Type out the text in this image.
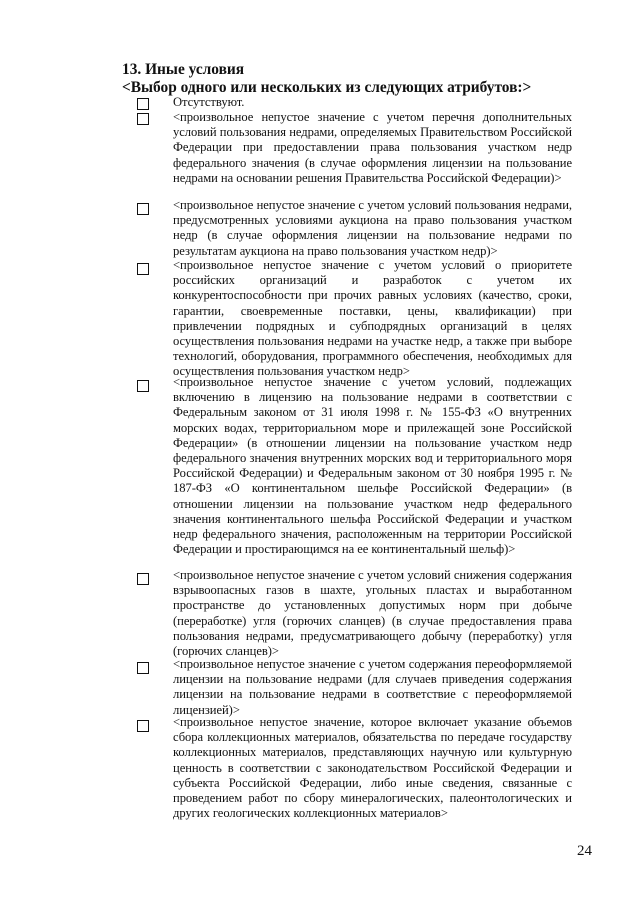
13. Иные условия
<Выбор одного или нескольких из следующих атрибутов:>
Отсутствуют.
<произвольное непустое значение с учетом перечня дополнительных условий пользования недрами, определяемых Правительством Российской Федерации при предоставлении права пользования участком недр федерального значения (в случае оформления лицензии на пользование недрами на основании решения Правительства Российской Федерации)>
<произвольное непустое значение с учетом условий пользования недрами, предусмотренных условиями аукциона на право пользования участком недр (в случае оформления лицензии на пользование недрами по результатам аукциона на право пользования участком недр)>
<произвольное непустое значение с учетом условий о приоритете российских организаций и разработок с учетом их конкурентоспособности при прочих равных условиях (качество, сроки, гарантии, своевременные поставки, цены, квалификации) при привлечении подрядных и субподрядных организаций в целях осуществления пользования недрами на участке недр, а также при выборе технологий, оборудования, программного обеспечения, необходимых для осуществления пользования участком недр>
<произвольное непустое значение с учетом условий, подлежащих включению в лицензию на пользование недрами в соответствии с Федеральным законом от 31 июля 1998 г. № 155-ФЗ «О внутренних морских водах, территориальном море и прилежащей зоне Российской Федерации» (в отношении лицензии на пользование участком недр федерального значения внутренних морских вод и территориального моря Российской Федерации) и Федеральным законом от 30 ноября 1995 г. № 187-ФЗ «О континентальном шельфе Российской Федерации» (в отношении лицензии на пользование участком недр федерального значения континентального шельфа Российской Федерации и участком недр федерального значения, расположенным на территории Российской Федерации и простирающимся на ее континентальный шельф)>
<произвольное непустое значение с учетом условий снижения содержания взрывоопасных газов в шахте, угольных пластах и выработанном пространстве до установленных допустимых норм при добыче (переработке) угля (горючих сланцев) (в случае предоставления права пользования недрами, предусматривающего добычу (переработку) угля (горючих сланцев)>
<произвольное непустое значение с учетом содержания переоформляемой лицензии на пользование недрами (для случаев приведения содержания лицензии на пользование недрами в соответствие с переоформляемой лицензией)>
<произвольное непустое значение, которое включает указание объемов сбора коллекционных материалов, обязательства по передаче государству коллекционных материалов, представляющих научную или культурную ценность в соответствии с законодательством Российской Федерации и субъекта Российской Федерации, либо иные сведения, связанные с проведением работ по сбору минералогических, палеонтологических и других геологических коллекционных материалов>
24
